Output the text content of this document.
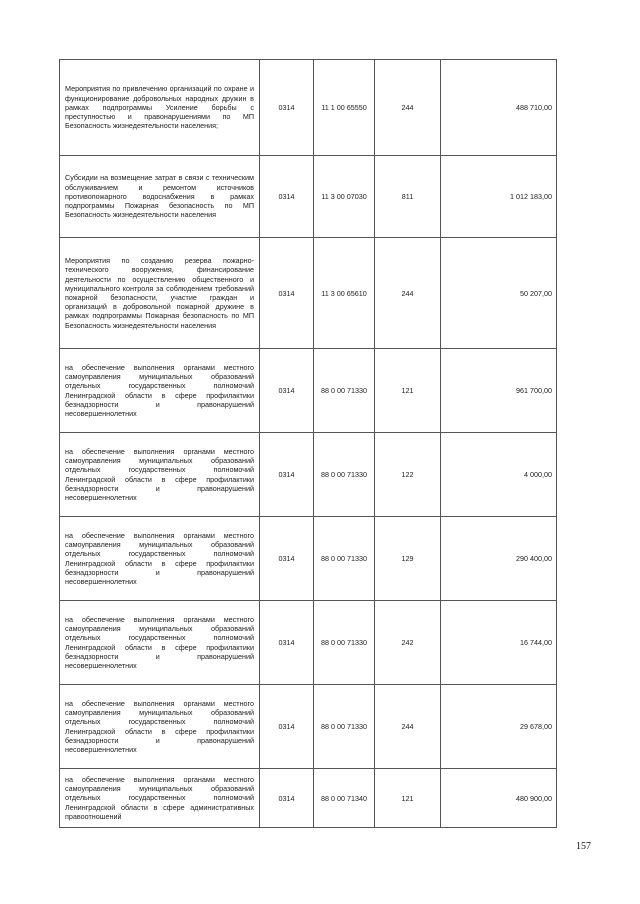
Мероприятия по привлечению организаций по охране и функционирование добровольных народных дружин в рамках подпрограммы Усиление борьбы с преступностью и правонарушениями по МП Безопасность жизнедеятельности населения;	0314	11 1 00 65550	244	488 710,00
Субсидии на возмещение затрат в связи с техническим обслуживанием и ремонтом источников противопожарного водоснабжения в рамках подпрограммы Пожарная безопасность по МП Безопасность жизнедеятельности населения	0314	11 3 00 07030	811	1 012 183,00
Мероприятия по созданию резерва пожарно-технического вооружения, финансирование деятельности по осуществлению общественного и муниципального контроля за соблюдением требований пожарной безопасности, участие граждан и организаций в добровольной пожарной дружине в рамках подпрограммы Пожарная безопасность по МП Безопасность жизнедеятельности населения	0314	11 3 00 65610	244	50 207,00
на обеспечение выполнения органами местного самоуправления муниципальных образований отдельных государственных полномочий Ленинградской области в сфере профилактики безнадзорности и правонарушений несовершеннолетних	0314	88 0 00 71330	121	961 700,00
на обеспечение выполнения органами местного самоуправления муниципальных образований отдельных государственных полномочий Ленинградской области в сфере профилактики безнадзорности и правонарушений несовершеннолетних	0314	88 0 00 71330	122	4 000,00
на обеспечение выполнения органами местного самоуправления муниципальных образований отдельных государственных полномочий Ленинградской области в сфере профилактики безнадзорности и правонарушений несовершеннолетних	0314	88 0 00 71330	129	290 400,00
на обеспечение выполнения органами местного самоуправления муниципальных образований отдельных государственных полномочий Ленинградской области в сфере профилактики безнадзорности и правонарушений несовершеннолетних	0314	88 0 00 71330	242	16 744,00
на обеспечение выполнения органами местного самоуправления муниципальных образований отдельных государственных полномочий Ленинградской области в сфере профилактики безнадзорности и правонарушений несовершеннолетних	0314	88 0 00 71330	244	29 678,00
на обеспечение выполнения органами местного самоуправления муниципальных образований отдельных государственных полномочий Ленинградской области в сфере административных правоотношений	0314	88 0 00 71340	121	480 900,00
157
